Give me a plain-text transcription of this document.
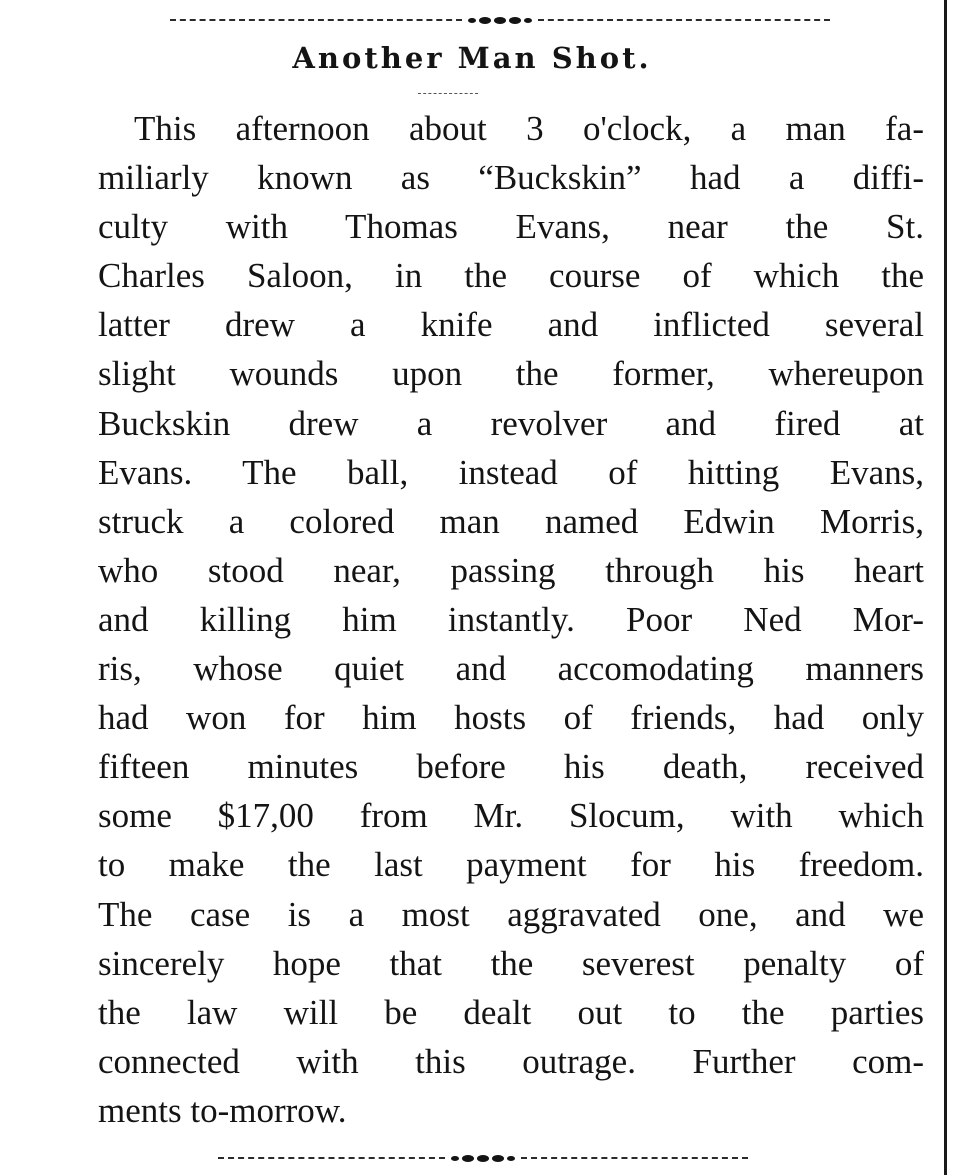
Another Man Shot.
This afternoon about 3 o'clock, a man fa-
miliarly known as “Buckskin” had a diffi-
culty with Thomas Evans, near the St.
Charles Saloon, in the course of which the
latter drew a knife and inflicted several
slight wounds upon the former, whereupon
Buckskin drew a revolver and fired at
Evans. The ball, instead of hitting Evans,
struck a colored man named Edwin Morris,
who stood near, passing through his heart
and killing him instantly. Poor Ned Mor-
ris, whose quiet and accomodating manners
had won for him hosts of friends, had only
fifteen minutes before his death, received
some $17,00 from Mr. Slocum, with which
to make the last payment for his freedom.
The case is a most aggravated one, and we
sincerely hope that the severest penalty of
the law will be dealt out to the parties
connected with this outrage. Further com-
ments to-morrow.
